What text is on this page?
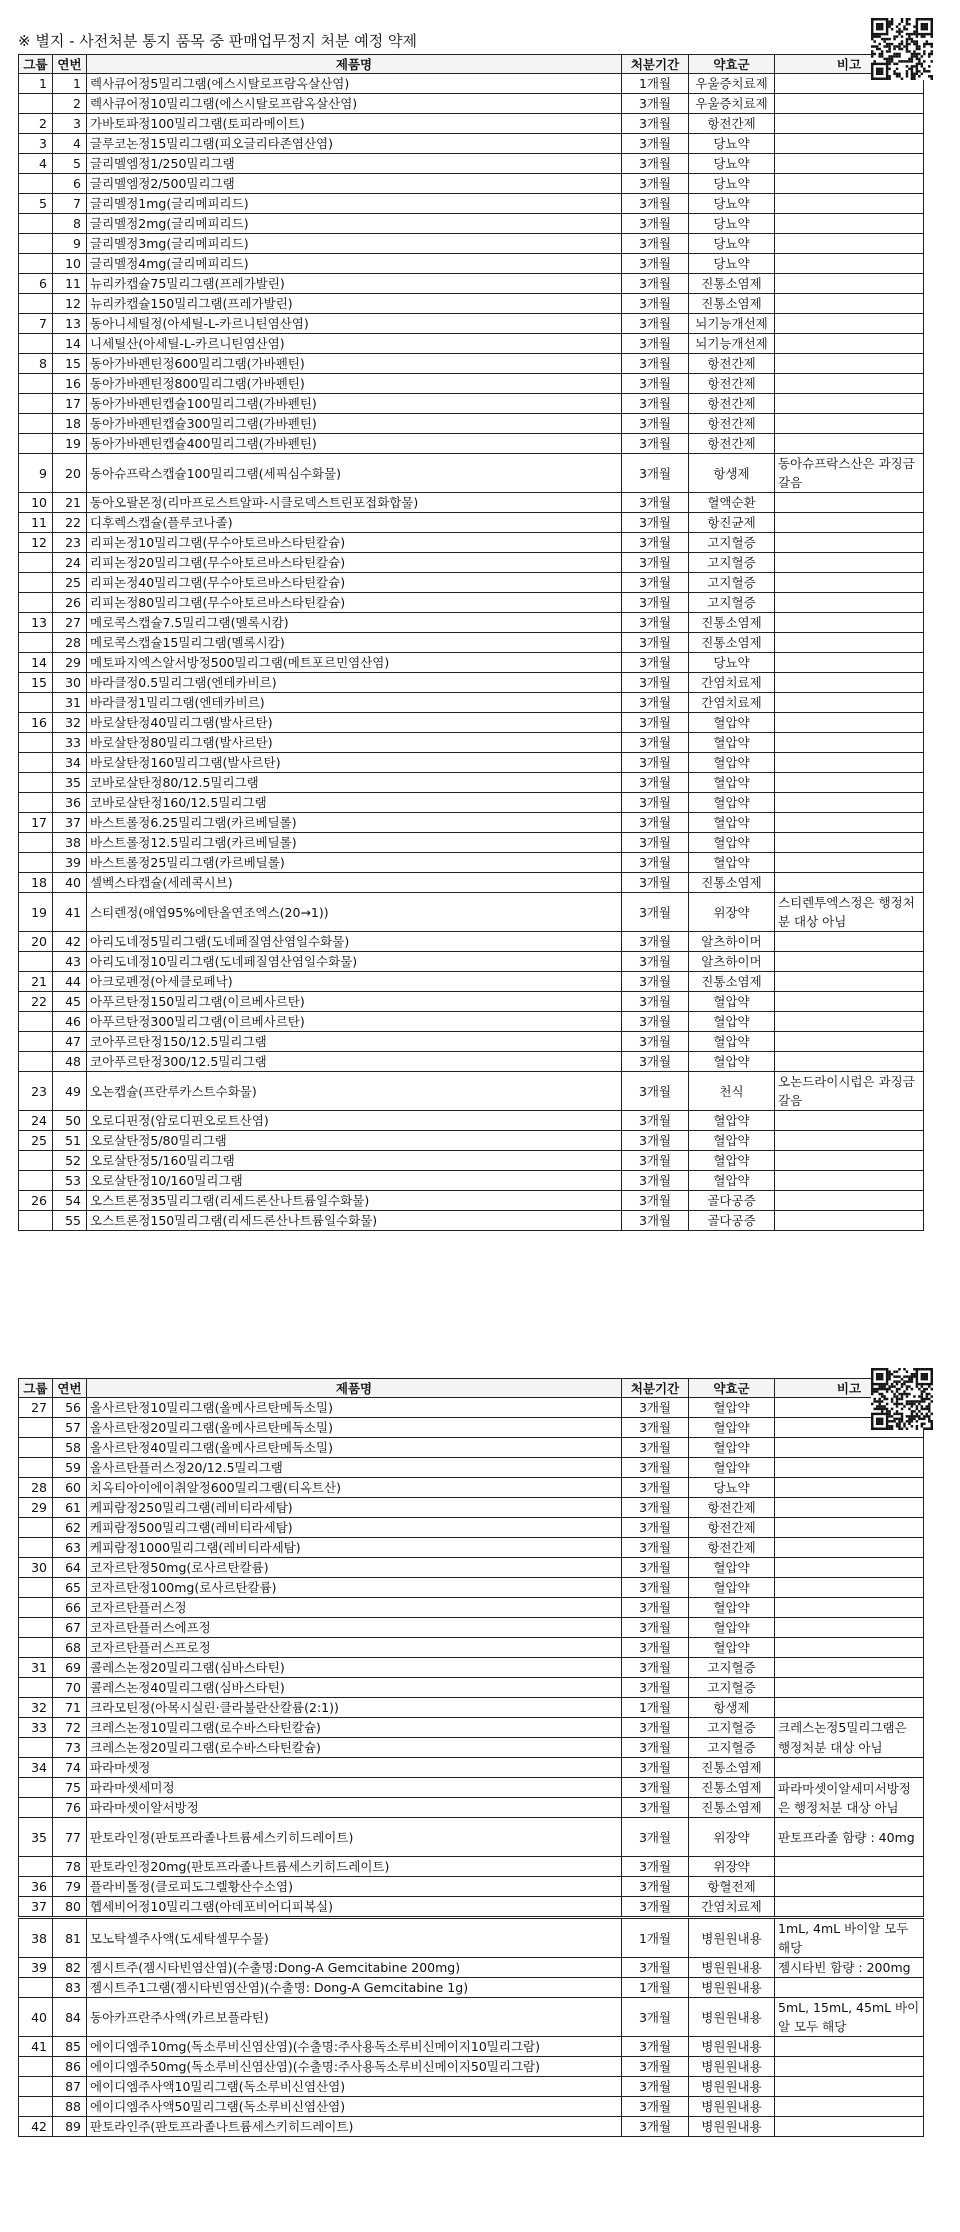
※ 별지 - 사전처분 통지 품목 중 판매업무정지 처분 예정 약제
그룹	연번	제품명	처분기간	약효군	비고
1	1	렉사큐어정5밀리그램(에스시탈로프람옥살산염)	1개월	우울증치료제	
	2	렉사큐어정10밀리그램(에스시탈로프람옥살산염)	3개월	우울증치료제	
2	3	가바토파정100밀리그램(토피라메이트)	3개월	항전간제	
3	4	글루코논정15밀리그램(피오글리타존염산염)	3개월	당뇨약	
4	5	글리멜엠정1/250밀리그램	3개월	당뇨약	
	6	글리멜엠정2/500밀리그램	3개월	당뇨약	
5	7	글리멜정1mg(글리메피리드)	3개월	당뇨약	
	8	글리멜정2mg(글리메피리드)	3개월	당뇨약	
	9	글리멜정3mg(글리메피리드)	3개월	당뇨약	
	10	글리멜정4mg(글리메피리드)	3개월	당뇨약	
6	11	뉴리카캡슐75밀리그램(프레가발린)	3개월	진통소염제	
	12	뉴리카캡슐150밀리그램(프레가발린)	3개월	진통소염제	
7	13	동아니세틸정(아세틸-L-카르니틴염산염)	3개월	뇌기능개선제	
	14	니세틸산(아세틸-L-카르니틴염산염)	3개월	뇌기능개선제	
8	15	동아가바펜틴정600밀리그램(가바펜틴)	3개월	항전간제	
	16	동아가바펜틴정800밀리그램(가바펜틴)	3개월	항전간제	
	17	동아가바펜틴캡슐100밀리그램(가바펜틴)	3개월	항전간제	
	18	동아가바펜틴캡슐300밀리그램(가바펜틴)	3개월	항전간제	
	19	동아가바펜틴캡슐400밀리그램(가바펜틴)	3개월	항전간제	
9	20	동아슈프락스캡슐100밀리그램(세픽심수화물)	3개월	항생제	동아슈프락스산은 과징금 갈음
10	21	동아오팔몬정(리마프로스트알파-시클로덱스트린포접화합물)	3개월	혈액순환	
11	22	디후렉스캡슐(플루코나졸)	3개월	항진균제	
12	23	리피논정10밀리그램(무수아토르바스타틴칼슘)	3개월	고지혈증	
	24	리피논정20밀리그램(무수아토르바스타틴칼슘)	3개월	고지혈증	
	25	리피논정40밀리그램(무수아토르바스타틴칼슘)	3개월	고지혈증	
	26	리피논정80밀리그램(무수아토르바스타틴칼슘)	3개월	고지혈증	
13	27	메로콕스캡슐7.5밀리그램(멜록시캄)	3개월	진통소염제	
	28	메로콕스캡슐15밀리그램(멜록시캄)	3개월	진통소염제	
14	29	메토파지엑스알서방정500밀리그램(메트포르민염산염)	3개월	당뇨약	
15	30	바라클정0.5밀리그램(엔테카비르)	3개월	간염치료제	
	31	바라클정1밀리그램(엔테카비르)	3개월	간염치료제	
16	32	바로살탄정40밀리그램(발사르탄)	3개월	혈압약	
	33	바로살탄정80밀리그램(발사르탄)	3개월	혈압약	
	34	바로살탄정160밀리그램(발사르탄)	3개월	혈압약	
	35	코바로살탄정80/12.5밀리그램	3개월	혈압약	
	36	코바로살탄정160/12.5밀리그램	3개월	혈압약	
17	37	바스트롤정6.25밀리그램(카르베딜롤)	3개월	혈압약	
	38	바스트롤정12.5밀리그램(카르베딜롤)	3개월	혈압약	
	39	바스트롤정25밀리그램(카르베딜롤)	3개월	혈압약	
18	40	셀벡스타캡슐(세레콕시브)	3개월	진통소염제	
19	41	스티렌정(애엽95%에탄올연조엑스(20→1))	3개월	위장약	스티렌투엑스정은 행정처분 대상 아님
20	42	아리도네정5밀리그램(도네페질염산염일수화물)	3개월	알츠하이머	
	43	아리도네정10밀리그램(도네페질염산염일수화물)	3개월	알츠하이머	
21	44	아크로펜정(아세클로페낙)	3개월	진통소염제	
22	45	아푸르탄정150밀리그램(이르베사르탄)	3개월	혈압약	
	46	아푸르탄정300밀리그램(이르베사르탄)	3개월	혈압약	
	47	코아푸르탄정150/12.5밀리그램	3개월	혈압약	
	48	코아푸르탄정300/12.5밀리그램	3개월	혈압약	
23	49	오논캡슐(프란루카스트수화물)	3개월	천식	오논드라이시럽은 과징금 갈음
24	50	오로디핀정(암로디핀오로트산염)	3개월	혈압약	
25	51	오로살탄정5/80밀리그램	3개월	혈압약	
	52	오로살탄정5/160밀리그램	3개월	혈압약	
	53	오로살탄정10/160밀리그램	3개월	혈압약	
26	54	오스트론정35밀리그램(리세드론산나트륨일수화물)	3개월	골다공증	
	55	오스트론정150밀리그램(리세드론산나트륨일수화물)	3개월	골다공증	
그룹	연번	제품명	처분기간	약효군	비고
27	56	올사르탄정10밀리그램(올메사르탄메독소밀)	3개월	혈압약	
	57	올사르탄정20밀리그램(올메사르탄메독소밀)	3개월	혈압약	
	58	올사르탄정40밀리그램(올메사르탄메독소밀)	3개월	혈압약	
	59	올사르탄플러스정20/12.5밀리그램	3개월	혈압약	
28	60	치옥티아이에이취알정600밀리그램(티옥트산)	3개월	당뇨약	
29	61	케피람정250밀리그램(레비티라세탐)	3개월	항전간제	
	62	케피람정500밀리그램(레비티라세탐)	3개월	항전간제	
	63	케피람정1000밀리그램(레비티라세탐)	3개월	항전간제	
30	64	코자르탄정50mg(로사르탄칼륨)	3개월	혈압약	
	65	코자르탄정100mg(로사르탄칼륨)	3개월	혈압약	
	66	코자르탄플러스정	3개월	혈압약	
	67	코자르탄플러스에프정	3개월	혈압약	
	68	코자르탄플러스프로정	3개월	혈압약	
31	69	콜레스논정20밀리그램(심바스타틴)	3개월	고지혈증	
	70	콜레스논정40밀리그램(심바스타틴)	3개월	고지혈증	
32	71	크라모틴정(아목시실린·클라불란산칼륨(2:1))	1개월	항생제	
33	72	크레스논정10밀리그램(로수바스타틴칼슘)	3개월	고지혈증	크레스논정5밀리그램은
	73	크레스논정20밀리그램(로수바스타틴칼슘)	3개월	고지혈증	행정처분 대상 아님
34	74	파라마셋정	3개월	진통소염제	
	75	파라마셋세미정	3개월	진통소염제	파라마셋이알세미서방정은 행정처분 대상 아님
	76	파라마셋이알서방정	3개월	진통소염제	
35	77	판토라인정(판토프라졸나트륨세스키히드레이트)	3개월	위장약	판토프라졸 함량 : 40mg
	78	판토라인정20mg(판토프라졸나트륨세스키히드레이트)	3개월	위장약	
36	79	플라비톨정(클로피도그렐황산수소염)	3개월	항혈전제	
37	80	헵세비어정10밀리그램(아데포비어디피복실)	3개월	간염치료제	
38	81	모노탁셀주사액(도세탁셀무수물)	1개월	병원원내용	1mL, 4mL 바이알 모두 해당
39	82	젬시트주(젬시타빈염산염)(수출명:Dong-A Gemcitabine 200mg)	3개월	병원원내용	젬시타빈 함량 : 200mg
	83	젬시트주1그램(젬시타빈염산염)(수출명: Dong-A Gemcitabine 1g)	1개월	병원원내용	
40	84	동아카프란주사액(카르보플라틴)	3개월	병원원내용	5mL, 15mL, 45mL 바이알 모두 해당
41	85	에이디엠주10mg(독소루비신염산염)(수출명:주사용독소루비신메이지10밀리그람)	3개월	병원원내용	
	86	에이디엠주50mg(독소루비신염산염)(수출명:주사용독소루비신메이지50밀리그람)	3개월	병원원내용	
	87	에이디엠주사액10밀리그램(독소루비신염산염)	3개월	병원원내용	
	88	에이디엠주사액50밀리그램(독소루비신염산염)	3개월	병원원내용	
42	89	판토라인주(판토프라졸나트륨세스키히드레이트)	3개월	병원원내용	
